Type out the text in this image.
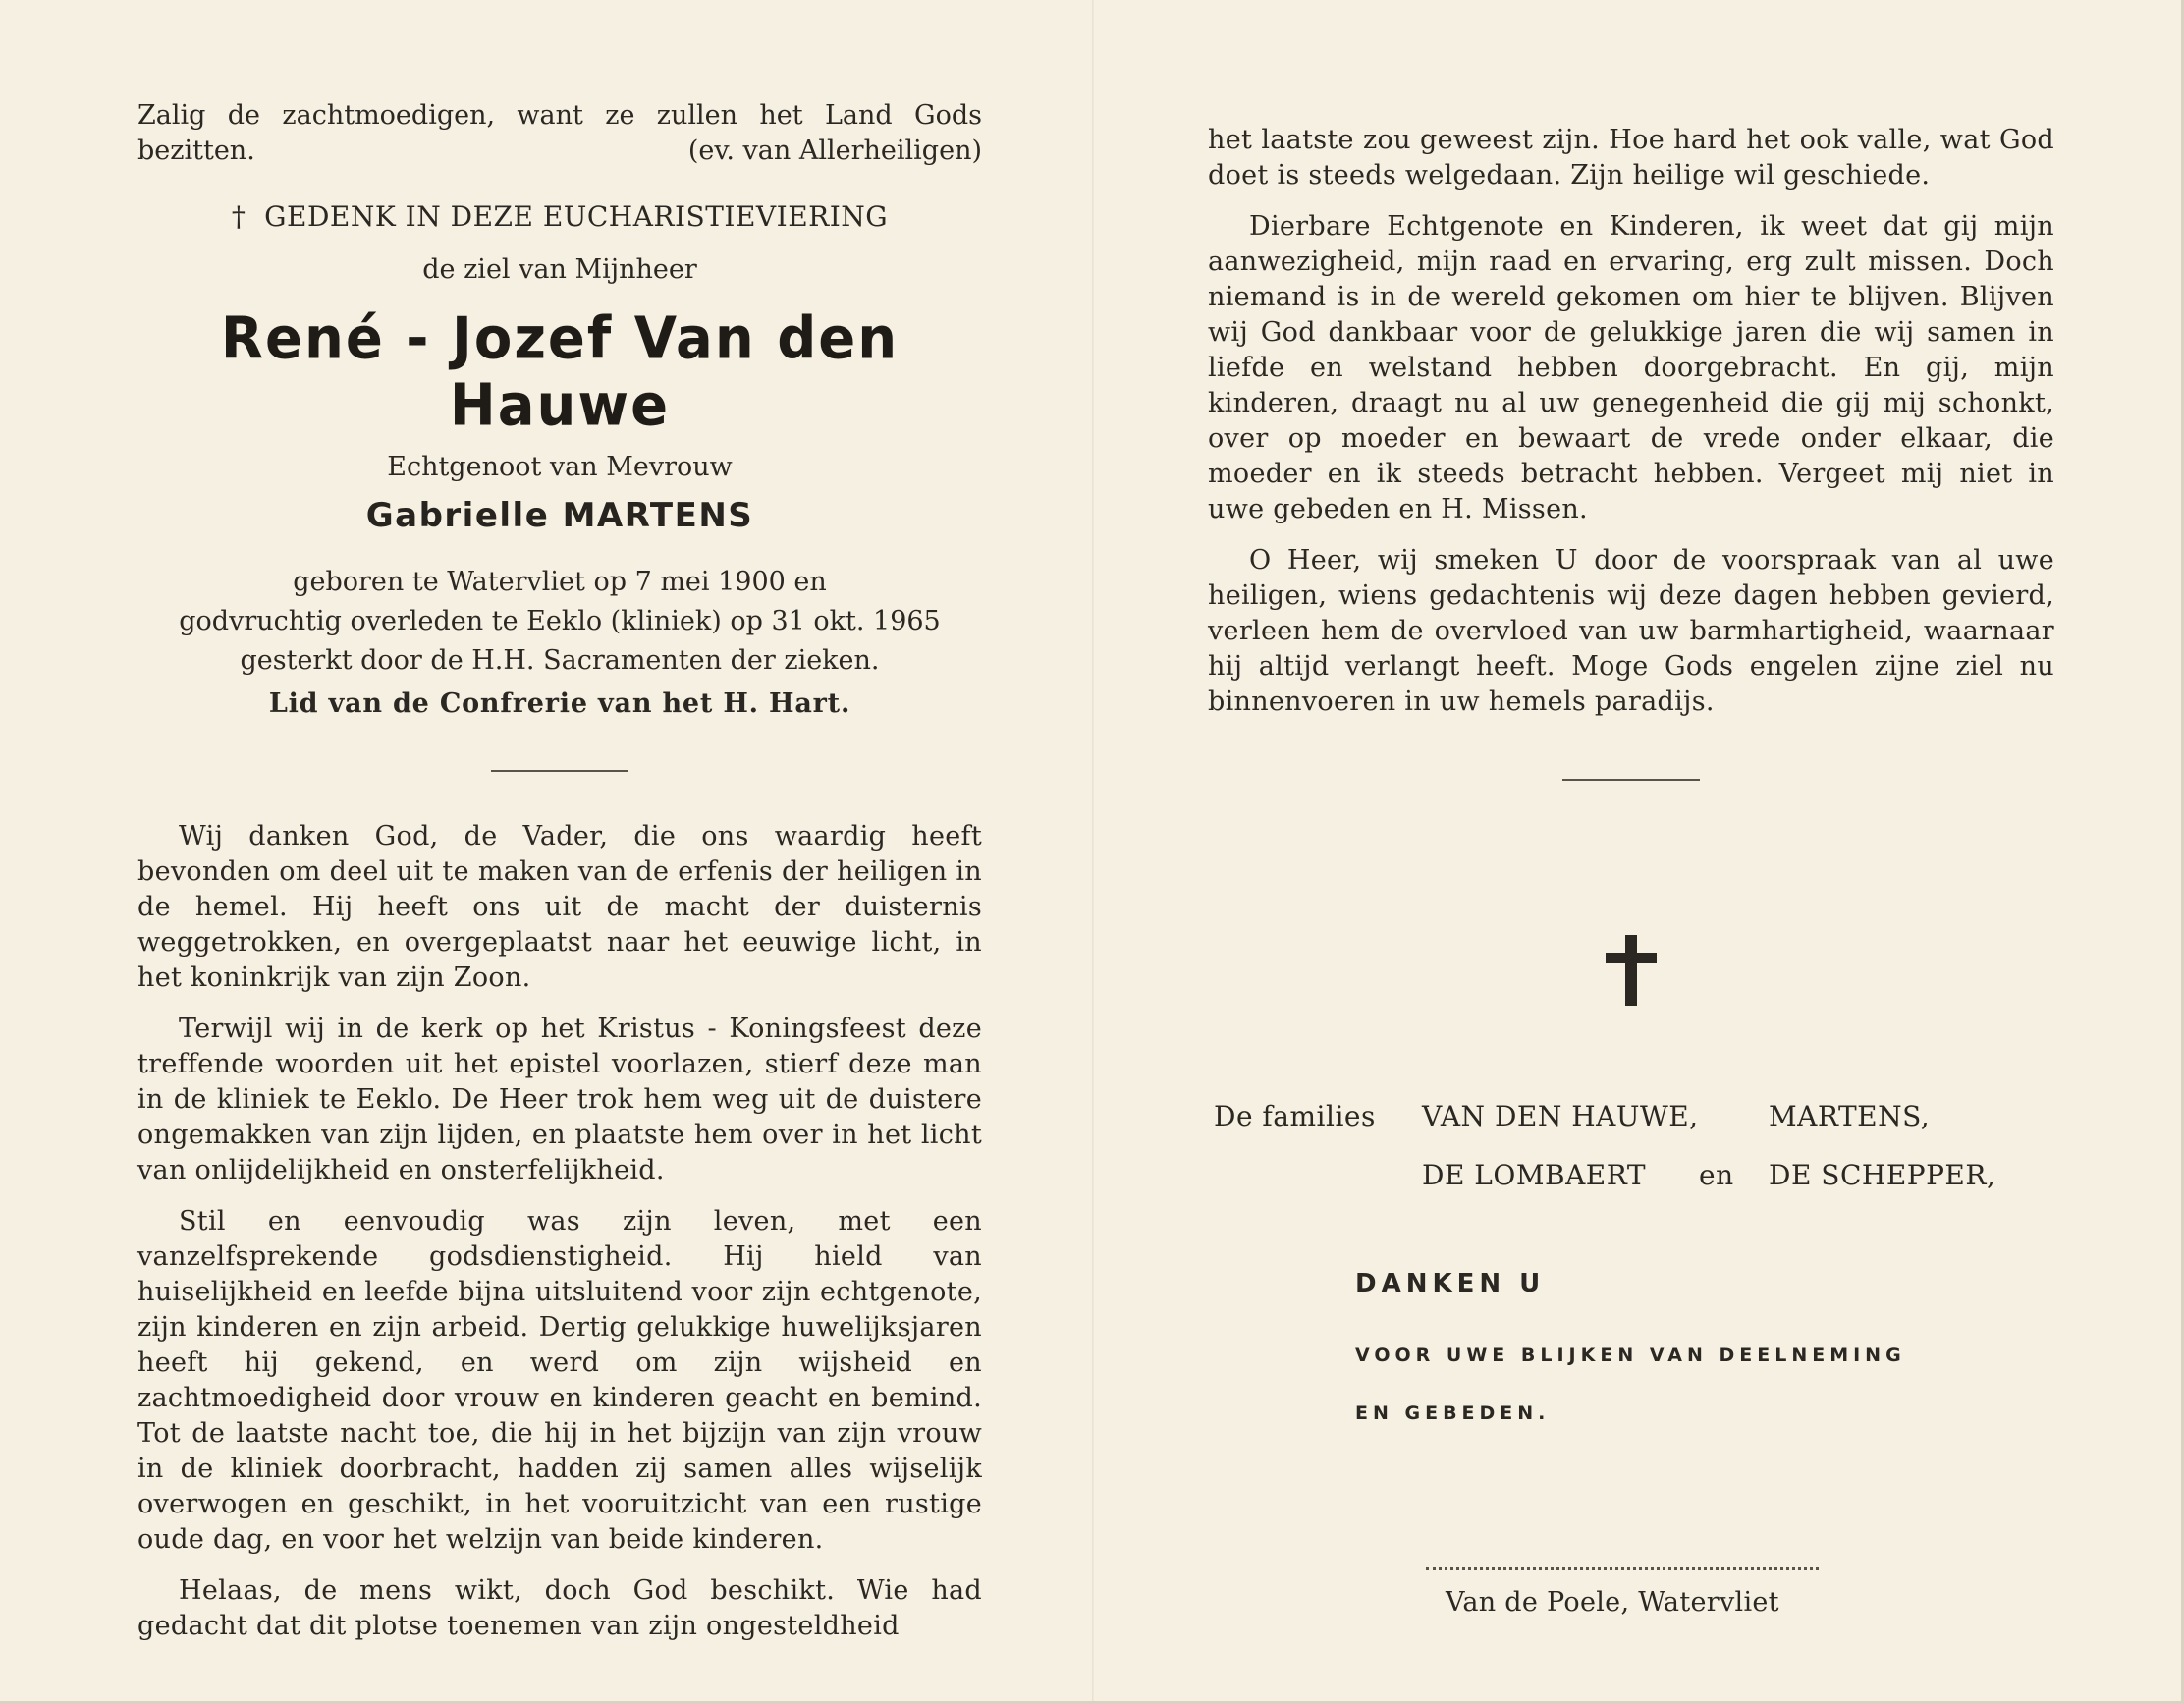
Zalig de zachtmoedigen, want ze zullen het Land Gods bezitten.	(ev. van Allerheiligen)

† GEDENK IN DEZE EUCHARISTIEVIERING

de ziel van Mijnheer

René - Jozef Van den Hauwe

Echtgenoot van Mevrouw

Gabrielle MARTENS

geboren te Watervliet op 7 mei 1900 en
godvruchtig overleden te Eeklo (kliniek) op 31 okt. 1965
gesterkt door de H.H. Sacramenten der zieken.

Lid van de Confrerie van het H. Hart.

Wij danken God, de Vader, die ons waardig heeft bevonden om deel uit te maken van de erfenis der heiligen in de hemel. Hij heeft ons uit de macht der duisternis weggetrokken, en overgeplaatst naar het eeuwige licht, in het koninkrijk van zijn Zoon.

Terwijl wij in de kerk op het Kristus - Koningsfeest deze treffende woorden uit het epistel voorlazen, stierf deze man in de kliniek te Eeklo. De Heer trok hem weg uit de duistere ongemakken van zijn lijden, en plaatste hem over in het licht van onlijdelijkheid en onsterfelijkheid.

Stil en eenvoudig was zijn leven, met een vanzelfsprekende godsdienstigheid. Hij hield van huiselijkheid en leefde bijna uitsluitend voor zijn echtgenote, zijn kinderen en zijn arbeid. Dertig gelukkige huwelijksjaren heeft hij gekend, en werd om zijn wijsheid en zachtmoedigheid door vrouw en kinderen geacht en bemind. Tot de laatste nacht toe, die hij in het bijzijn van zijn vrouw in de kliniek doorbracht, hadden zij samen alles wijselijk overwogen en geschikt, in het vooruitzicht van een rustige oude dag, en voor het welzijn van beide kinderen.

Helaas, de mens wikt, doch God beschikt. Wie had gedacht dat dit plotse toenemen van zijn ongesteldheid

het laatste zou geweest zijn. Hoe hard het ook valle, wat God doet is steeds welgedaan. Zijn heilige wil geschiede.

Dierbare Echtgenote en Kinderen, ik weet dat gij mijn aanwezigheid, mijn raad en ervaring, erg zult missen. Doch niemand is in de wereld gekomen om hier te blijven. Blijven wij God dankbaar voor de gelukkige jaren die wij samen in liefde en welstand hebben doorgebracht. En gij, mijn kinderen, draagt nu al uw genegenheid die gij mij schonkt, over op moeder en bewaart de vrede onder elkaar, die moeder en ik steeds betracht hebben. Vergeet mij niet in uwe gebeden en H. Missen.

O Heer, wij smeken U door de voorspraak van al uwe heiligen, wiens gedachtenis wij deze dagen hebben gevierd, verleen hem de overvloed van uw barmhartigheid, waarnaar hij altijd verlangt heeft. Moge Gods engelen zijne ziel nu binnenvoeren in uw hemels paradijs.

De families VAN DEN HAUWE,	MARTENS,
DE LOMBAERT en DE SCHEPPER,
DANKEN U
VOOR UWE BLIJKEN VAN DEELNEMING
EN GEBEDEN.
Van de Poele, Watervliet
